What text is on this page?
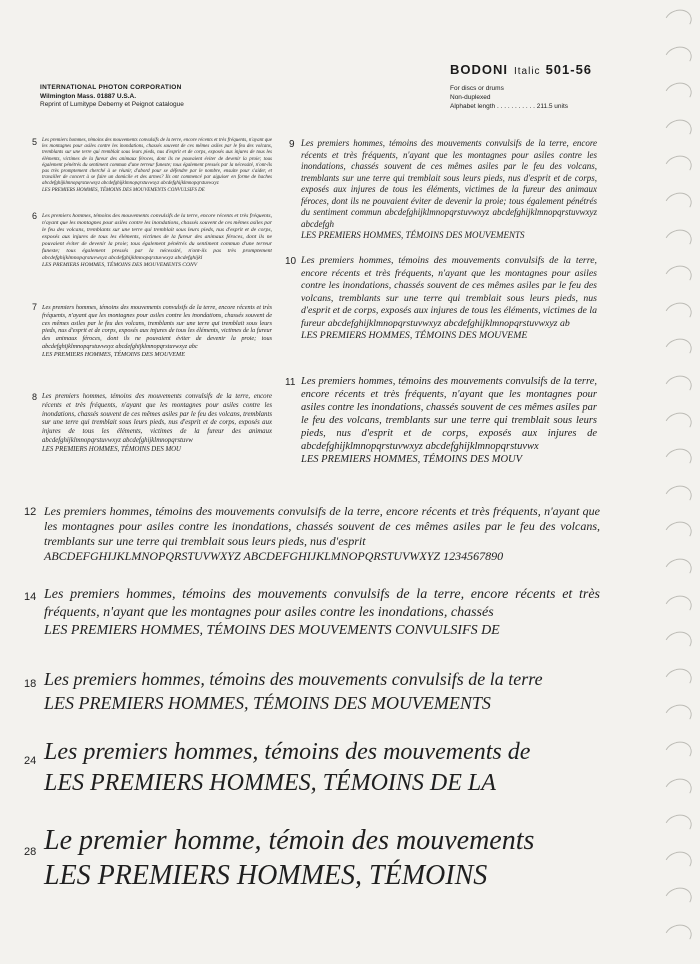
BODONI Italic 501-56
For discs or drums
Non-duplexed
Alphabet length . . . . . . . . . . . 211.5 units
INTERNATIONAL PHOTON CORPORATION
Wilmington Mass. 01887 U.S.A.
Reprint of Lumitype Deberny et Peignot catalogue
5 Les premiers hommes, témoins des mouvements convulsifs de la terre, encore récents et très fréquents, n'ayant que les montagnes pour asiles contre les inondations, chassés souvent de ces mêmes asiles par le feu des volcans, tremblants sur une terre qui tremblait sous leurs pieds, nus d'esprit et de corps, exposés aux injures de tous les éléments, victimes de la fureur des animaux féroces, dont ils ne pouvaient éviter de devenir la proie; tous également pénétrés du sentiment commun d'une terreur funeste; tous également pressés par la nécessité, n'ont-ils pas très promptement cherché à se réunir, d'abord pour se défendre par le nombre, ensuite pour s'aider, et travailler de concert à se faire un domicile et des armes? Ils ont commencé par aiguiser en forme de haches abcdefghijklmnopqrstuvwxyz abcdefghijklmnopqrstuvwxyz abcdefghijklmnopqrstuvwxyz

LES PREMIERS HOMMES, TÉMOINS DES MOUVEMENTS CONVULSIFS DE

6 Les premiers hommes, témoins des mouvements convulsifs de la terre, encore récents et très fréquents, n'ayant que les montagnes pour asiles contre les inondations, chassés souvent de ces mêmes asiles par le feu des volcans, tremblants sur une terre qui tremblait sous leurs pieds, nus d'esprit et de corps, exposés aux injures de tous les éléments, victimes de la fureur des animaux féroces, dont ils ne pouvaient éviter de devenir la proie; tous également pénétrés du sentiment commun d'une terreur funeste; tous également pressés par la nécessité, n'ont-ils pas très promptement abcdefghijklmnopqrstuvwxyz abcdefghijklmnopqrstuvwxyz abcdefghijkl

LES PREMIERS HOMMES, TÉMOINS DES MOUVEMENTS CONV

7 Les premiers hommes, témoins des mouvements convulsifs de la terre, encore récents et très fréquents, n'ayant que les montagnes pour asiles contre les inondations, chassés souvent de ces mêmes asiles par le feu des volcans, tremblants sur une terre qui tremblait sous leurs pieds, nus d'esprit et de corps, exposés aux injures de tous les éléments, victimes de la fureur des animaux féroces, dont ils ne pouvaient éviter de devenir la proie; tous abcdefghijklmnopqrstuvwxyz abcdefghijklmnopqrstuvwxyz abc

LES PREMIERS HOMMES, TÉMOINS DES MOUVEME

8 Les premiers hommes, témoins des mouvements convulsifs de la terre, encore récents et très fréquents, n'ayant que les montagnes pour asiles contre les inondations, chassés souvent de ces mêmes asiles par le feu des volcans, tremblants sur une terre qui tremblait sous leurs pieds, nus d'esprit et de corps, exposés aux injures de tous les éléments, victimes de la fureur des animaux abcdefghijklmnopqrstuvwxyz abcdefghijklmnopqrstuvw

LES PREMIERS HOMMES, TÉMOINS DES MOU

9 Les premiers hommes, témoins des mouvements convulsifs de la terre, encore récents et très fréquents, n'ayant que les montagnes pour asiles contre les inondations, chassés souvent de ces mêmes asiles par le feu des volcans, tremblants sur une terre qui tremblait sous leurs pieds, nus d'esprit et de corps, exposés aux injures de tous les éléments, victimes de la fureur des animaux féroces, dont ils ne pouvaient éviter de devenir la proie; tous également pénétrés du sentiment commun abcdefghijklmnopqrstuvwxyz abcdefghijklmnopqrstuvwxyz abcdefgh

LES PREMIERS HOMMES, TÉMOINS DES MOUVEMENTS

10 Les premiers hommes, témoins des mouvements convulsifs de la terre, encore récents et très fréquents, n'ayant que les montagnes pour asiles contre les inondations, chassés souvent de ces mêmes asiles par le feu des volcans, tremblants sur une terre qui tremblait sous leurs pieds, nus d'esprit et de corps, exposés aux injures de tous les éléments, victimes de la fureur abcdefghijklmnopqrstuvwxyz abcdefghijklmnopqrstuvwxyz ab

LES PREMIERS HOMMES, TÉMOINS DES MOUVEME

11 Les premiers hommes, témoins des mouvements convulsifs de la terre, encore récents et très fréquents, n'ayant que les montagnes pour asiles contre les inondations, chassés souvent de ces mêmes asiles par le feu des volcans, tremblants sur une terre qui tremblait sous leurs pieds, nus d'esprit et de corps, exposés aux injures de abcdefghijklmnopqrstuvwxyz abcdefghijklmnopqrstuvwx

LES PREMIERS HOMMES, TÉMOINS DES MOUV

12 Les premiers hommes, témoins des mouvements convulsifs de la terre, encore récents et très fréquents, n'ayant que les montagnes pour asiles contre les inondations, chassés souvent de ces mêmes asiles par le feu des volcans, tremblants sur une terre qui tremblait sous leurs pieds, nus d'esprit

ABCDEFGHIJKLMNOPQRSTUVWXYZ ABCDEFGHIJKLMNOPQRSTUVWXYZ 1234567890

14 Les premiers hommes, témoins des mouvements convulsifs de la terre, encore récents et très fréquents, n'ayant que les montagnes pour asiles contre les inondations, chassés

LES PREMIERS HOMMES, TÉMOINS DES MOUVEMENTS CONVULSIFS DE

18 Les premiers hommes, témoins des mouvements convulsifs de la terre

LES PREMIERS HOMMES, TÉMOINS DES MOUVEMENTS

24 Les premiers hommes, témoins des mouvements de

LES PREMIERS HOMMES, TÉMOINS DE LA

28 Le premier homme, témoin des mouvements

LES PREMIERS HOMMES, TÉMOINS
